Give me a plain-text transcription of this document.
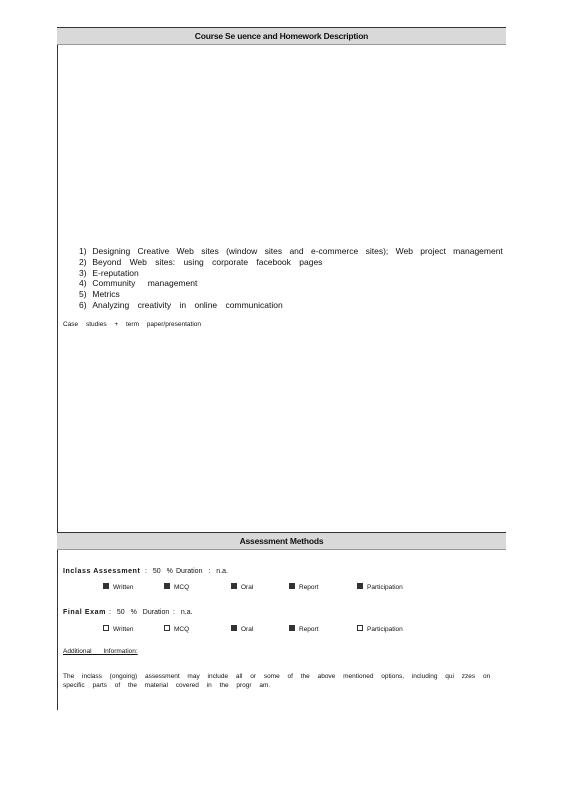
Course Se uence and Homework Description
1) Designing Creative Web sites (window sites and e-commerce sites); Web project management
2) Beyond Web sites: using corporate facebook pages
3) E-reputation
4) Community management
5) Metrics
6) Analyzing creativity in online communication
Case studies + term paper/presentation
Assessment Methods
Inclass Assessment : 50 % Duration : n.a.
Written	MCQ	Oral	Report	Participation
Final Exam : 50 % Duration : n.a.
Written	MCQ	Oral	Report	Participation
Additional Information:
The inclass (ongoing) assessment may include all or some of the above mentioned options, including qui zzes on specific parts of the material covered in the progr am.
